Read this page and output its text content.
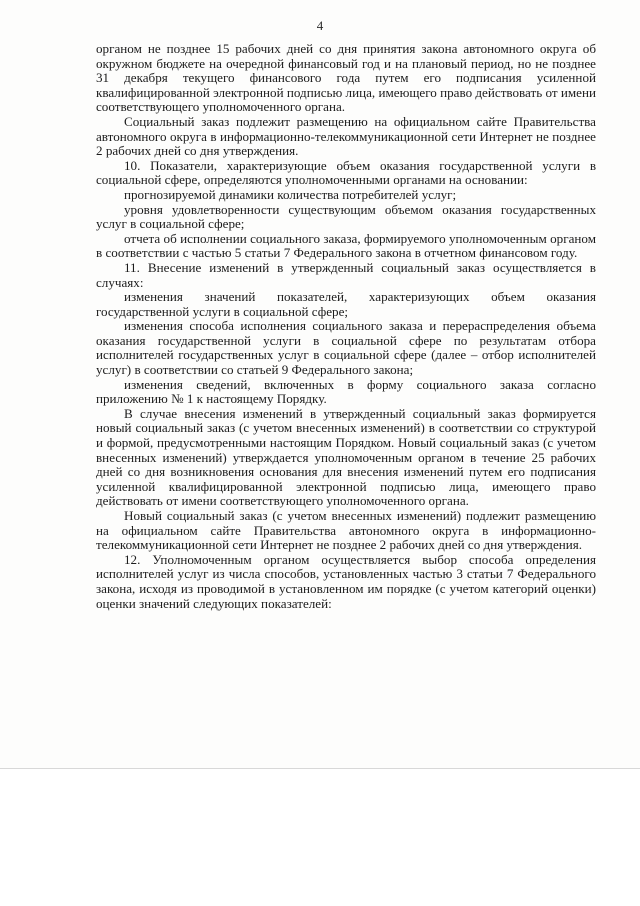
4

органом не позднее 15 рабочих дней со дня принятия закона автономного округа об окружном бюджете на очередной финансовый год и на плановый период, но не позднее 31 декабря текущего финансового года путем его подписания усиленной квалифицированной электронной подписью лица, имеющего право действовать от имени соответствующего уполномоченного органа.

Социальный заказ подлежит размещению на официальном сайте Правительства автономного округа в информационно-телекоммуникационной сети Интернет не позднее 2 рабочих дней со дня утверждения.

10. Показатели, характеризующие объем оказания государственной услуги в социальной сфере, определяются уполномоченными органами на основании:

прогнозируемой динамики количества потребителей услуг;

уровня удовлетворенности существующим объемом оказания государственных услуг в социальной сфере;

отчета об исполнении социального заказа, формируемого уполномоченным органом в соответствии с частью 5 статьи 7 Федерального закона в отчетном финансовом году.

11. Внесение изменений в утвержденный социальный заказ осуществляется в случаях:

изменения значений показателей, характеризующих объем оказания государственной услуги в социальной сфере;

изменения способа исполнения социального заказа и перераспределения объема оказания государственной услуги в социальной сфере по результатам отбора исполнителей государственных услуг в социальной сфере (далее – отбор исполнителей услуг) в соответствии со статьей 9 Федерального закона;

изменения сведений, включенных в форму социального заказа согласно приложению № 1 к настоящему Порядку.

В случае внесения изменений в утвержденный социальный заказ формируется новый социальный заказ (с учетом внесенных изменений) в соответствии со структурой и формой, предусмотренными настоящим Порядком. Новый социальный заказ (с учетом внесенных изменений) утверждается уполномоченным органом в течение 25 рабочих дней со дня возникновения основания для внесения изменений путем его подписания усиленной квалифицированной электронной подписью лица, имеющего право действовать от имени соответствующего уполномоченного органа.

Новый социальный заказ (с учетом внесенных изменений) подлежит размещению на официальном сайте Правительства автономного округа в информационно-телекоммуникационной сети Интернет не позднее 2 рабочих дней со дня утверждения.

12. Уполномоченным органом осуществляется выбор способа определения исполнителей услуг из числа способов, установленных частью 3 статьи 7 Федерального закона, исходя из проводимой в установленном им порядке (с учетом категорий оценки) оценки значений следующих показателей:
